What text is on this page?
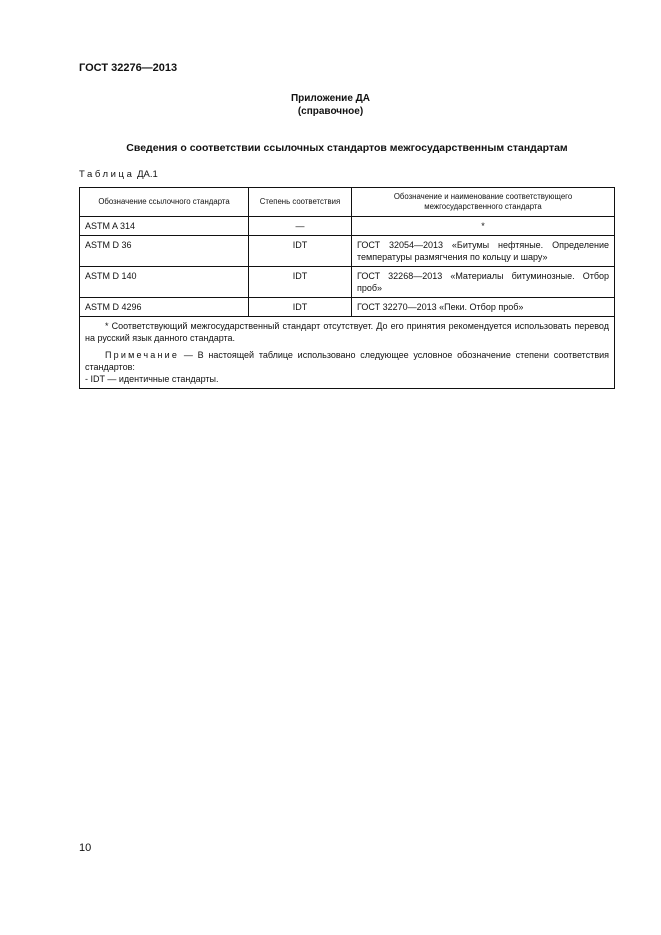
ГОСТ 32276—2013
Приложение ДА
(справочное)
Сведения о соответствии ссылочных стандартов межгосударственным стандартам
Таблица ДА.1
Обозначение ссылочного стандарта	Степень соответствия	Обозначение и наименование соответствующего межгосударственного стандарта
ASTM A 314	—	*
ASTM D 36	IDT	ГОСТ 32054—2013 «Битумы нефтяные. Определение температуры размягчения по кольцу и шару»
ASTM D 140	IDT	ГОСТ 32268—2013 «Материалы битуминозные. Отбор проб»
ASTM D 4296	IDT	ГОСТ 32270—2013 «Пеки. Отбор проб»

* Соответствующий межгосударственный стандарт отсутствует. До его принятия рекомендуется использовать перевод на русский язык данного стандарта.

Примечание — В настоящей таблице использовано следующее условное обозначение степени соответствия стандартов:

- IDT — идентичные стандарты.		

10
